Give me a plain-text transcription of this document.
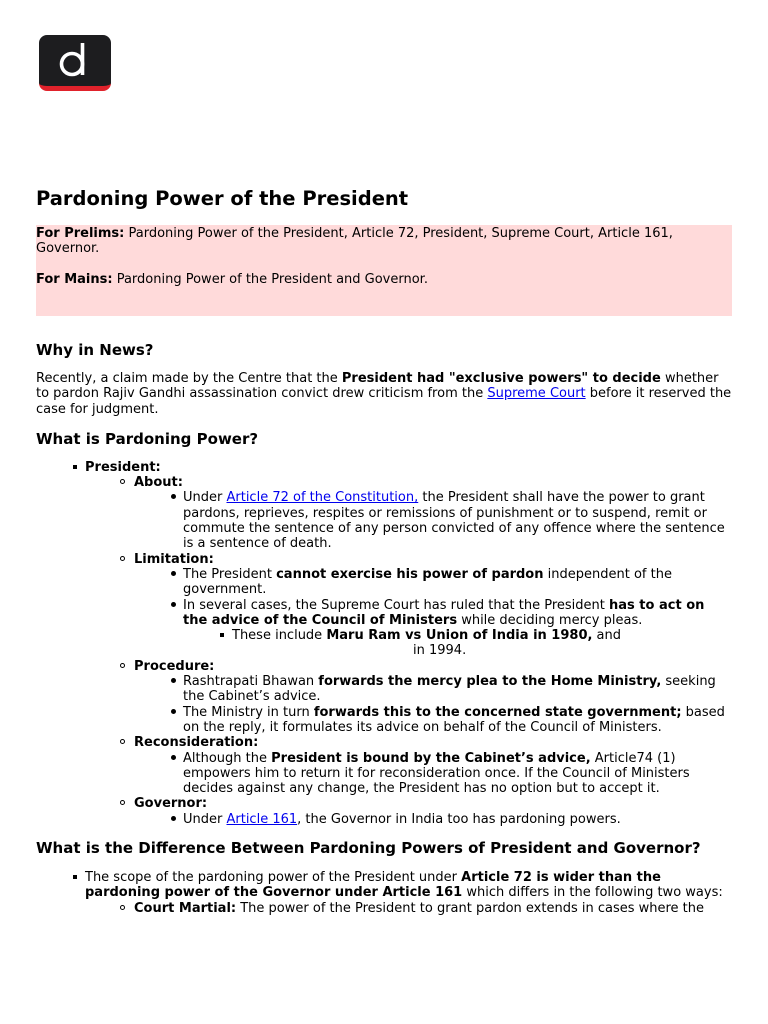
Pardoning Power of the President

For Prelims: Pardoning Power of the President, Article 72, President, Supreme Court, Article 161, Governor.

For Mains: Pardoning Power of the President and Governor.

Why in News?

Recently, a claim made by the Centre that the President had "exclusive powers" to decide whether to pardon Rajiv Gandhi assassination convict drew criticism from the Supreme Court before it reserved the case for judgment.

What is Pardoning Power?
President:
About:
Under Article 72 of the Constitution, the President shall have the power to grant pardons, reprieves, respites or remissions of punishment or to suspend, remit or commute the sentence of any person convicted of any offence where the sentence is a sentence of death.
Limitation:
The President cannot exercise his power of pardon independent of the government.
In several cases, the Supreme Court has ruled that the President has to act on the advice of the Council of Ministers while deciding mercy pleas.
These include Maru Ram vs Union of India in 1980, and
in 1994.
Procedure:
Rashtrapati Bhawan forwards the mercy plea to the Home Ministry, seeking the Cabinet’s advice.
The Ministry in turn forwards this to the concerned state government; based on the reply, it formulates its advice on behalf of the Council of Ministers.
Reconsideration:
Although the President is bound by the Cabinet’s advice, Article74 (1) empowers him to return it for reconsideration once. If the Council of Ministers decides against any change, the President has no option but to accept it.
Governor:
Under Article 161, the Governor in India too has pardoning powers.
What is the Difference Between Pardoning Powers of President and Governor?
The scope of the pardoning power of the President under Article 72 is wider than the pardoning power of the Governor under Article 161 which differs in the following two ways:
Court Martial: The power of the President to grant pardon extends in cases where the
